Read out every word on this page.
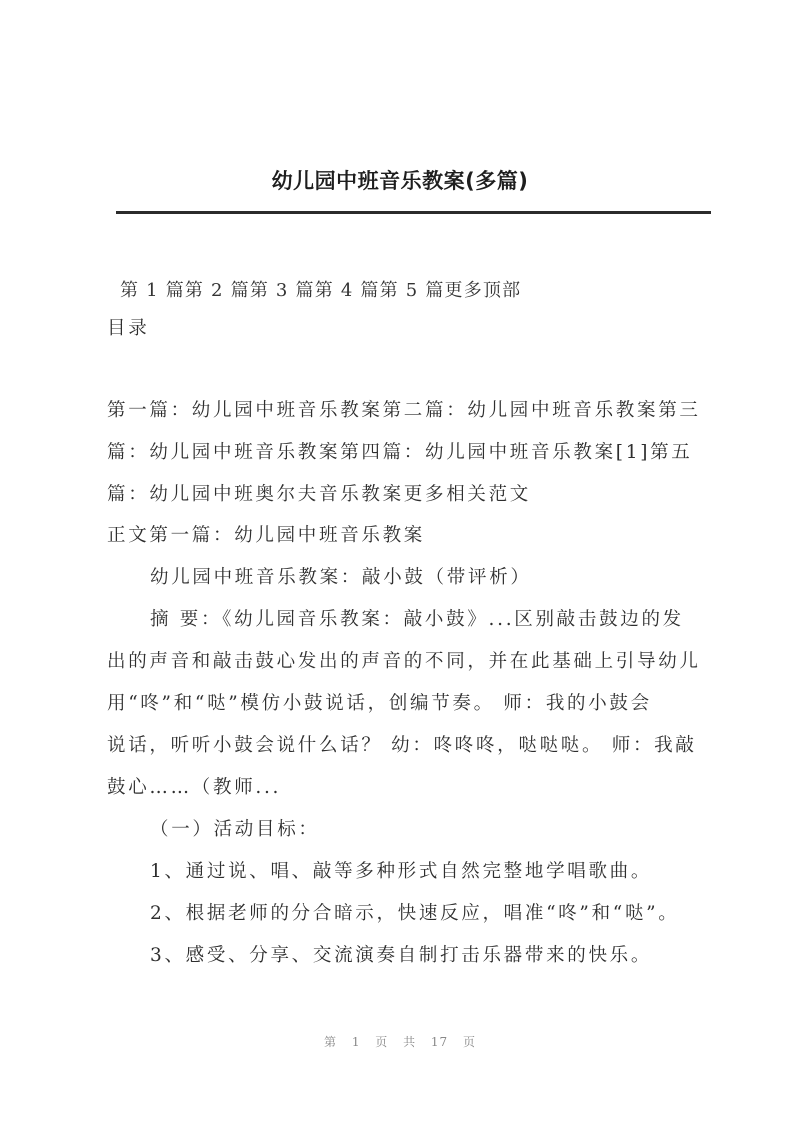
幼儿园中班音乐教案(多篇)
第 1 篇第 2 篇第 3 篇第 4 篇第 5 篇更多顶部
目录
第一篇：幼儿园中班音乐教案第二篇：幼儿园中班音乐教案第三
篇：幼儿园中班音乐教案第四篇：幼儿园中班音乐教案[1]第五
篇：幼儿园中班奥尔夫音乐教案更多相关范文
正文第一篇：幼儿园中班音乐教案
幼儿园中班音乐教案：敲小鼓（带评析）
摘 要：《幼儿园音乐教案：敲小鼓》...区别敲击鼓边的发
出的声音和敲击鼓心发出的声音的不同，并在此基础上引导幼儿
用“咚”和“哒”模仿小鼓说话，创编节奏。 师：我的小鼓会
说话，听听小鼓会说什么话？ 幼：咚咚咚，哒哒哒。 师：我敲
鼓心……（教师...
（一）活动目标：
1、通过说、唱、敲等多种形式自然完整地学唱歌曲。
2、根据老师的分合暗示，快速反应，唱准“咚”和“哒”。
3、感受、分享、交流演奏自制打击乐器带来的快乐。
第 1 页 共 17 页
